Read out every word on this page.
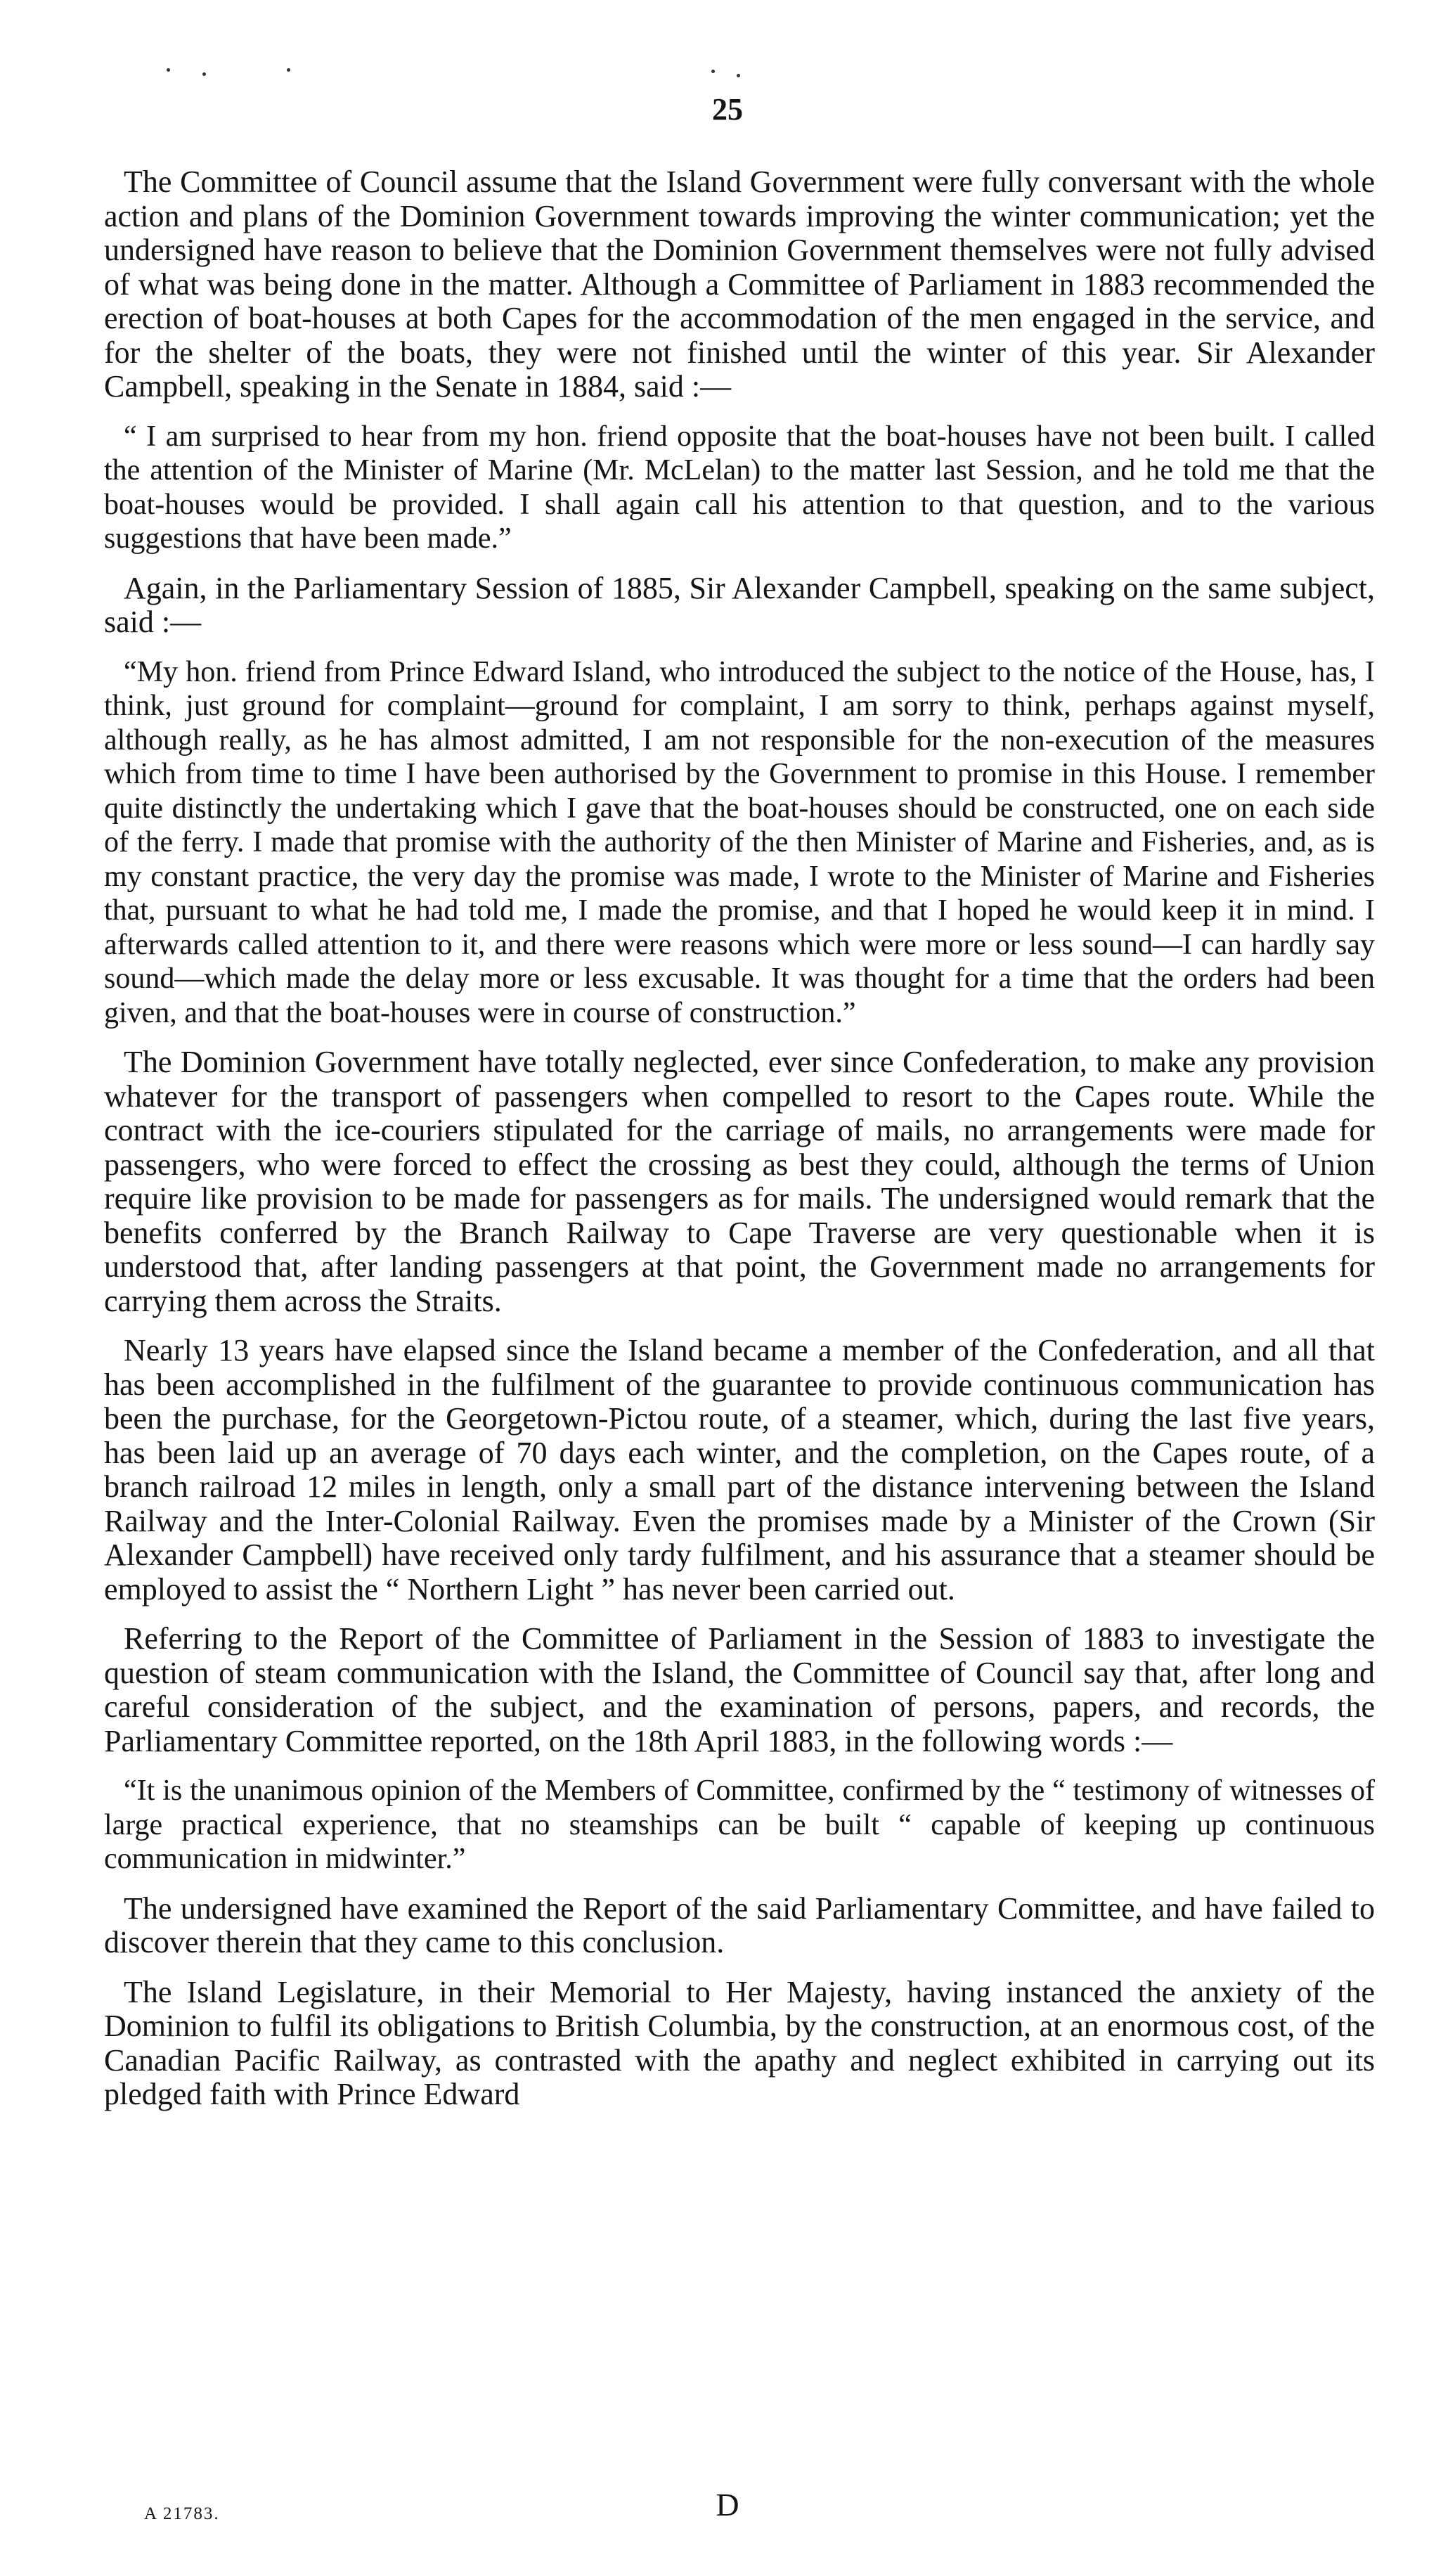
25

The Committee of Council assume that the Island Government were fully conversant with the whole action and plans of the Dominion Government towards improving the winter communication; yet the undersigned have reason to believe that the Dominion Government themselves were not fully advised of what was being done in the matter. Although a Committee of Parliament in 1883 recommended the erection of boat-houses at both Capes for the accommodation of the men engaged in the service, and for the shelter of the boats, they were not finished until the winter of this year. Sir Alexander Campbell, speaking in the Senate in 1884, said :—

“ I am surprised to hear from my hon. friend opposite that the boat-houses have not been built. I called the attention of the Minister of Marine (Mr. McLelan) to the matter last Session, and he told me that the boat-houses would be provided. I shall again call his attention to that question, and to the various suggestions that have been made.”

Again, in the Parliamentary Session of 1885, Sir Alexander Campbell, speaking on the same subject, said :—

“My hon. friend from Prince Edward Island, who introduced the subject to the notice of the House, has, I think, just ground for complaint—ground for complaint, I am sorry to think, perhaps against myself, although really, as he has almost admitted, I am not responsible for the non-execution of the measures which from time to time I have been authorised by the Government to promise in this House. I remember quite distinctly the undertaking which I gave that the boat-houses should be constructed, one on each side of the ferry. I made that promise with the authority of the then Minister of Marine and Fisheries, and, as is my constant practice, the very day the promise was made, I wrote to the Minister of Marine and Fisheries that, pursuant to what he had told me, I made the promise, and that I hoped he would keep it in mind. I afterwards called attention to it, and there were reasons which were more or less sound—I can hardly say sound—which made the delay more or less excusable. It was thought for a time that the orders had been given, and that the boat-houses were in course of construction.”

The Dominion Government have totally neglected, ever since Confederation, to make any provision whatever for the transport of passengers when compelled to resort to the Capes route. While the contract with the ice-couriers stipulated for the carriage of mails, no arrangements were made for passengers, who were forced to effect the crossing as best they could, although the terms of Union require like provision to be made for passengers as for mails. The undersigned would remark that the benefits conferred by the Branch Railway to Cape Traverse are very questionable when it is understood that, after landing passengers at that point, the Government made no arrangements for carrying them across the Straits.

Nearly 13 years have elapsed since the Island became a member of the Confederation, and all that has been accomplished in the fulfilment of the guarantee to provide continuous communication has been the purchase, for the Georgetown-Pictou route, of a steamer, which, during the last five years, has been laid up an average of 70 days each winter, and the completion, on the Capes route, of a branch railroad 12 miles in length, only a small part of the distance intervening between the Island Railway and the Inter-Colonial Railway. Even the promises made by a Minister of the Crown (Sir Alexander Campbell) have received only tardy fulfilment, and his assurance that a steamer should be employed to assist the “ Northern Light ” has never been carried out.

Referring to the Report of the Committee of Parliament in the Session of 1883 to investigate the question of steam communication with the Island, the Committee of Council say that, after long and careful consideration of the subject, and the examination of persons, papers, and records, the Parliamentary Committee reported, on the 18th April 1883, in the following words :—

“It is the unanimous opinion of the Members of Committee, confirmed by the “ testimony of witnesses of large practical experience, that no steamships can be built “ capable of keeping up continuous communication in midwinter.”

The undersigned have examined the Report of the said Parliamentary Committee, and have failed to discover therein that they came to this conclusion.

The Island Legislature, in their Memorial to Her Majesty, having instanced the anxiety of the Dominion to fulfil its obligations to British Columbia, by the construction, at an enormous cost, of the Canadian Pacific Railway, as contrasted with the apathy and neglect exhibited in carrying out its pledged faith with Prince Edward

A 21783.	D
